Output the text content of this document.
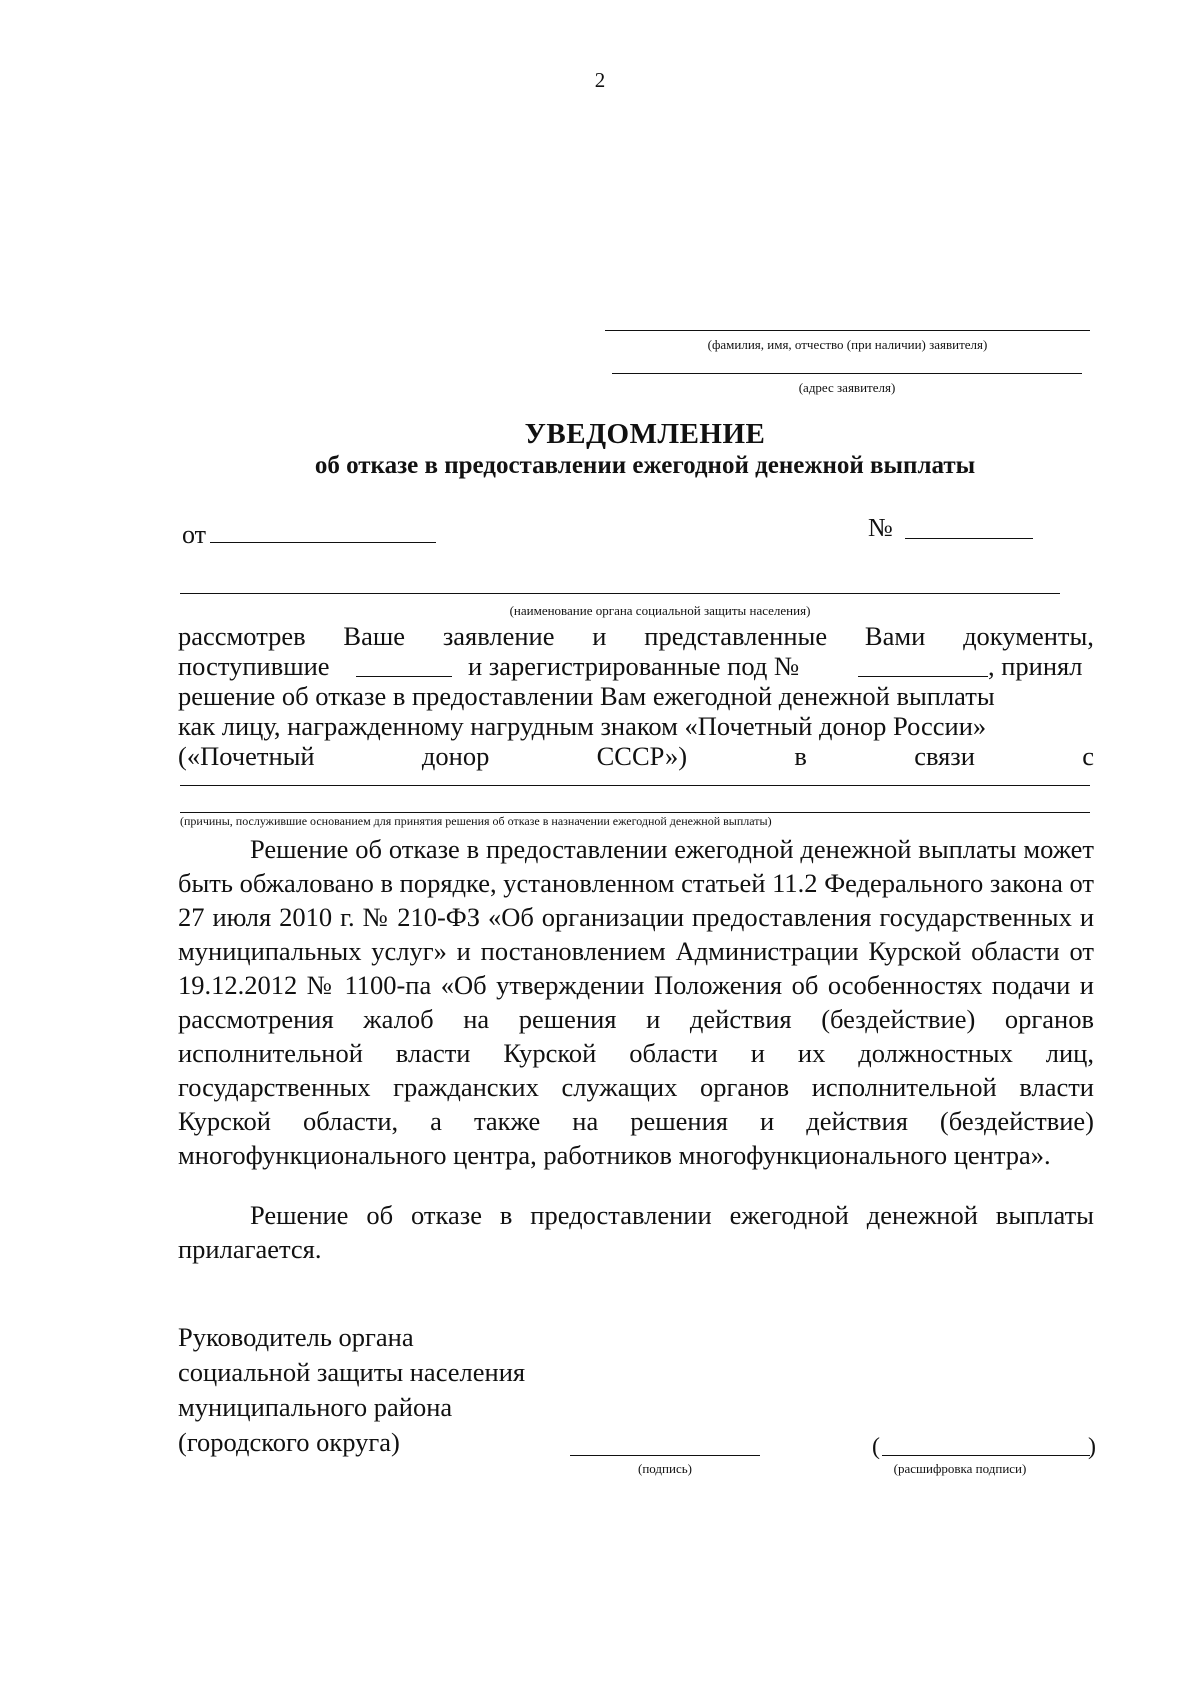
2
(фамилия, имя, отчество (при наличии) заявителя)
(адрес заявителя)
УВЕДОМЛЕНИЕ
об отказе в предоставлении ежегодной денежной выплаты
от	№
(наименование органа социальной защиты населения)
рассмотрев Ваше заявление и представленные Вами документы,
поступившие	и зарегистрированные под №	, принял
решение об отказе в предоставлении Вам ежегодной денежной выплаты
как лицу, награжденному нагрудным знаком «Почетный донор России»
(«Почетный	донор	СССР»)	в	связи	с
(причины, послужившие основанием для принятия решения об отказе в назначении ежегодной денежной выплаты)

Решение об отказе в предоставлении ежегодной денежной выплаты может быть обжаловано в порядке, установленном статьей 11.2 Федерального закона от 27 июля 2010 г. № 210-ФЗ «Об организации предоставления государственных и муниципальных услуг» и постановлением Администрации Курской области от 19.12.2012 № 1100-па «Об утверждении Положения об особенностях подачи и рассмотрения жалоб на решения и действия (бездействие) органов исполнительной власти Курской области и их должностных лиц, государственных гражданских служащих органов исполнительной власти Курской области, а также на решения и действия (бездействие) многофункционального центра, работников многофункционального центра».

Решение об отказе в предоставлении ежегодной денежной выплаты прилагается.

Руководитель органа
социальной защиты населения
муниципального района
(городского округа)
(подпись)
(	)
(расшифровка подписи)
